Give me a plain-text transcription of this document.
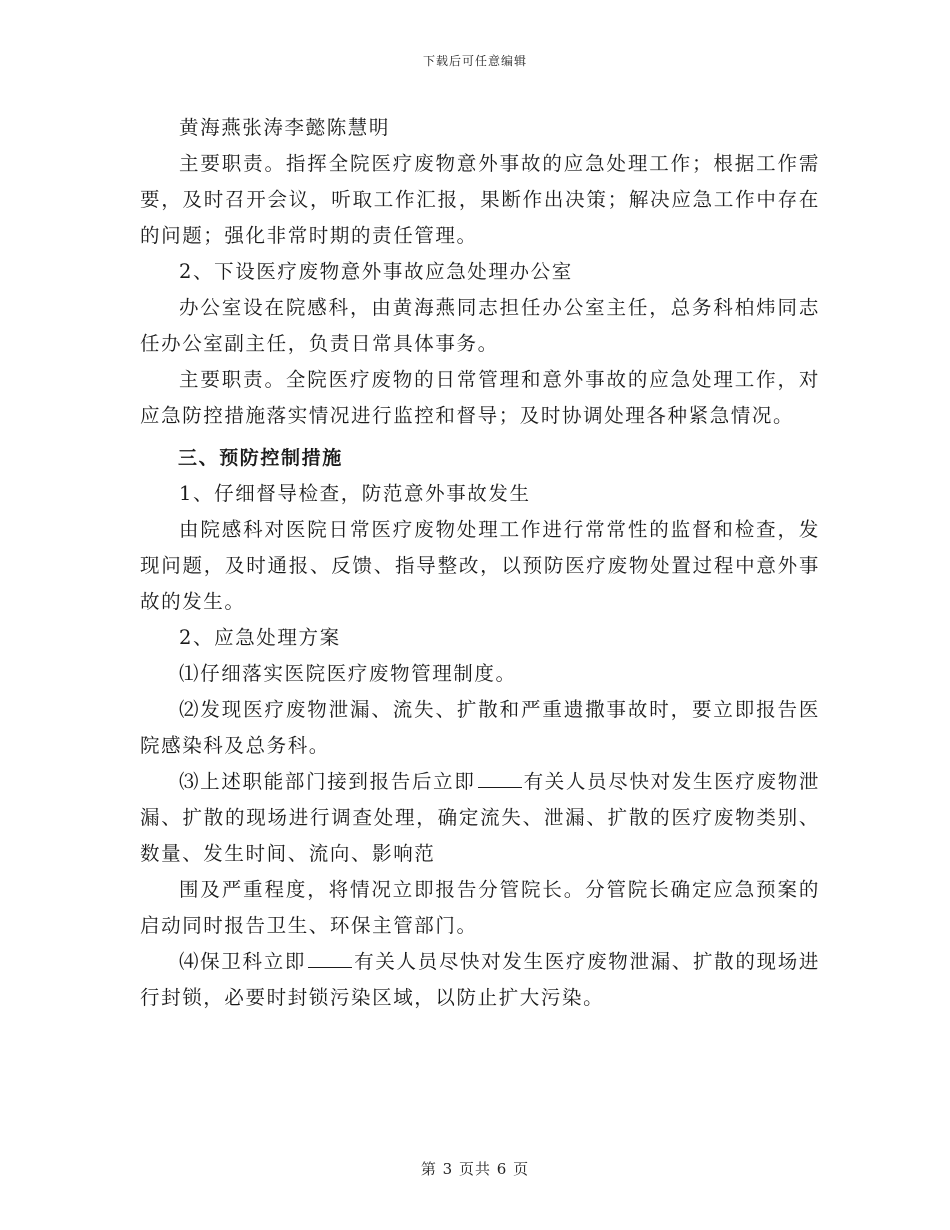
下载后可任意编辑

黄海燕张涛李懿陈慧明

主要职责。指挥全院医疗废物意外事故的应急处理工作；根据工作需要，及时召开会议，听取工作汇报，果断作出决策；解决应急工作中存在的问题；强化非常时期的责任管理。

2、下设医疗废物意外事故应急处理办公室

办公室设在院感科，由黄海燕同志担任办公室主任，总务科柏炜同志任办公室副主任，负责日常具体事务。

主要职责。全院医疗废物的日常管理和意外事故的应急处理工作，对应急防控措施落实情况进行监控和督导；及时协调处理各种紧急情况。

三、预防控制措施

1、仔细督导检查，防范意外事故发生

由院感科对医院日常医疗废物处理工作进行常常性的监督和检查，发现问题，及时通报、反馈、指导整改，以预防医疗废物处置过程中意外事故的发生。

2、应急处理方案

⑴仔细落实医院医疗废物管理制度。

⑵发现医疗废物泄漏、流失、扩散和严重遗撒事故时，要立即报告医院感染科及总务科。

⑶上述职能部门接到报告后立即 有关人员尽快对发生医疗废物泄漏、扩散的现场进行调查处理，确定流失、泄漏、扩散的医疗废物类别、数量、发生时间、流向、影响范

围及严重程度，将情况立即报告分管院长。分管院长确定应急预案的启动同时报告卫生、环保主管部门。

⑷保卫科立即 有关人员尽快对发生医疗废物泄漏、扩散的现场进行封锁，必要时封锁污染区域，以防止扩大污染。

第 3 页共 6 页
